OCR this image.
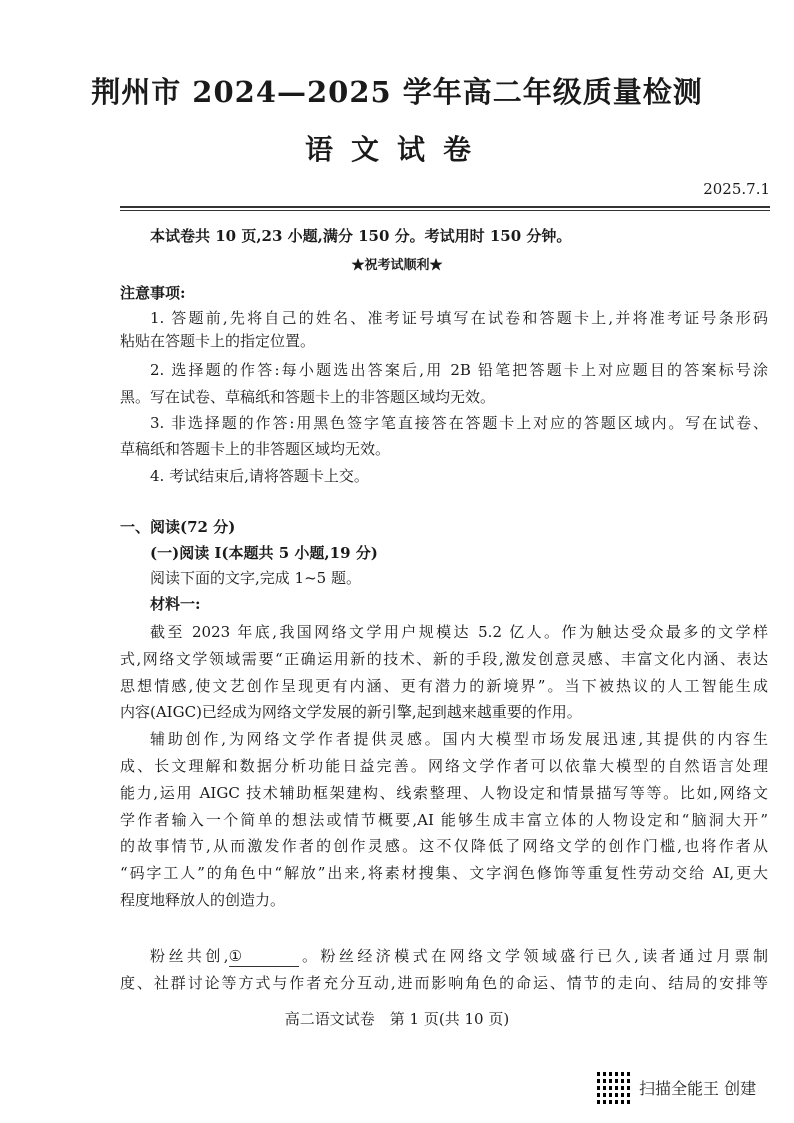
荆州市 2024—2025 学年高二年级质量检测
语文试卷
2025.7.1
本试卷共 10 页,23 小题,满分 150 分。考试用时 150 分钟。
★祝考试顺利★
注意事项:
1. 答题前,先将自己的姓名、准考证号填写在试卷和答题卡上,并将准考证号条形码
粘贴在答题卡上的指定位置。
2. 选择题的作答:每小题选出答案后,用 2B 铅笔把答题卡上对应题目的答案标号涂
黑。写在试卷、草稿纸和答题卡上的非答题区域均无效。
3. 非选择题的作答:用黑色签字笔直接答在答题卡上对应的答题区域内。写在试卷、
草稿纸和答题卡上的非答题区域均无效。
4. 考试结束后,请将答题卡上交。
一、阅读(72 分)
(一)阅读 I(本题共 5 小题,19 分)
阅读下面的文字,完成 1~5 题。
材料一:
截至 2023 年底,我国网络文学用户规模达 5.2 亿人。作为触达受众最多的文学样
式,网络文学领域需要“正确运用新的技术、新的手段,激发创意灵感、丰富文化内涵、表达
思想情感,使文艺创作呈现更有内涵、更有潜力的新境界”。当下被热议的人工智能生成
内容(AIGC)已经成为网络文学发展的新引擎,起到越来越重要的作用。
辅助创作,为网络文学作者提供灵感。国内大模型市场发展迅速,其提供的内容生
成、长文理解和数据分析功能日益完善。网络文学作者可以依靠大模型的自然语言处理
能力,运用 AIGC 技术辅助框架建构、线索整理、人物设定和情景描写等等。比如,网络文
学作者输入一个简单的想法或情节概要,AI 能够生成丰富立体的人物设定和“脑洞大开”
的故事情节,从而激发作者的创作灵感。这不仅降低了网络文学的创作门槛,也将作者从
“码字工人”的角色中“解放”出来,将素材搜集、文字润色修饰等重复性劳动交给 AI,更大
程度地释放人的创造力。
粉丝共创,①	。粉丝经济模式在网络文学领域盛行已久,读者通过月票制
度、社群讨论等方式与作者充分互动,进而影响角色的命运、情节的走向、结局的安排等
高二语文试卷　第 1 页(共 10 页)
扫描全能王 创建
